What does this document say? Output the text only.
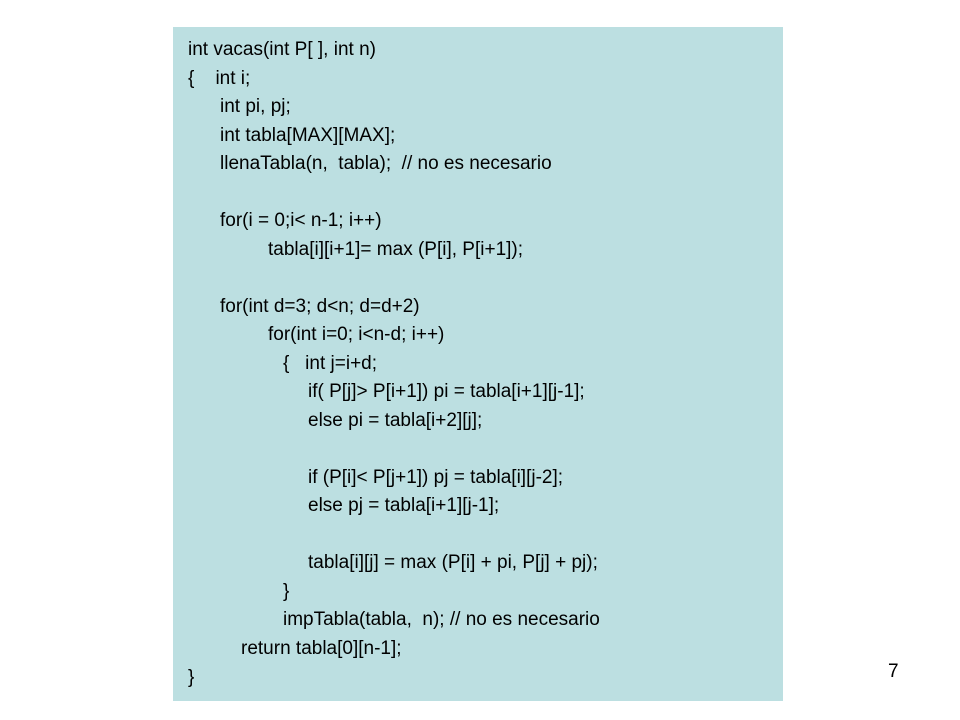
int vacas(int P[ ], int n)
{    int i;
int pi, pj;
int tabla[MAX][MAX];
llenaTabla(n,  tabla);  // no es necesario
for(i = 0;i< n-1; i++)
tabla[i][i+1]= max (P[i], P[i+1]);
for(int d=3; d<n; d=d+2)
for(int i=0; i<n-d; i++)
{   int j=i+d;
if( P[j]> P[i+1]) pi = tabla[i+1][j-1];
else pi = tabla[i+2][j];
if (P[i]< P[j+1]) pj = tabla[i][j-2];
else pj = tabla[i+1][j-1];
tabla[i][j] = max (P[i] + pi, P[j] + pj);
}
impTabla(tabla,  n); // no es necesario
return tabla[0][n-1];
}	7
